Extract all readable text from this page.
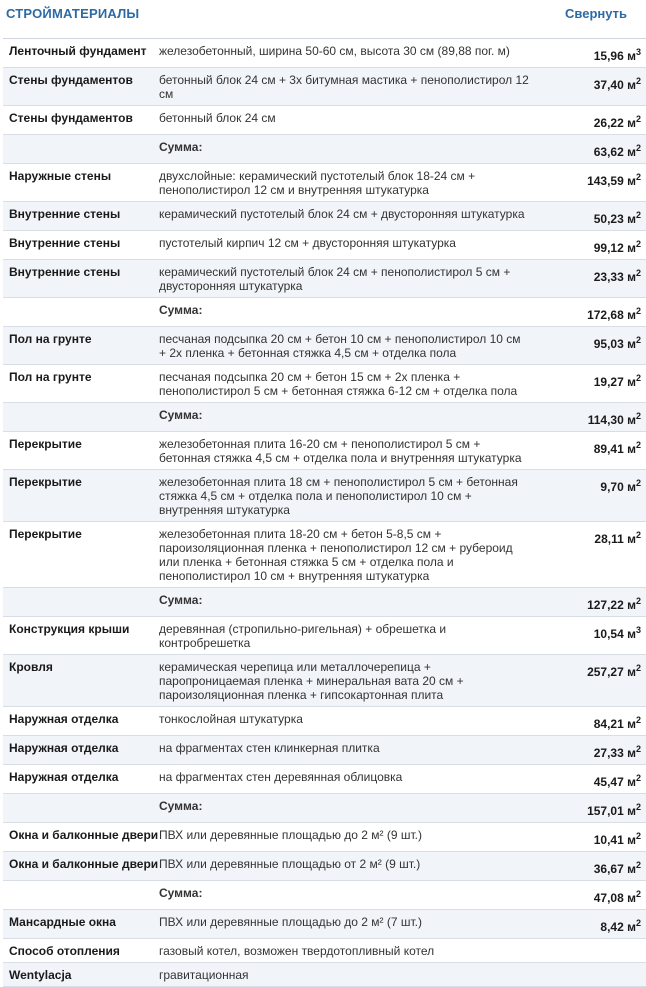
СТРОЙМАТЕРИАЛЫ	Свернуть
Ленточный фундамент	железобетонный, ширина 50-60 см, высота 30 см (89,88 пог. м)	15,96 $м^3$
Стены фундаментов	бетонный блок 24 см + 3x битумная мастика + пенополистирол 12 см	37,40 $м^2$
Стены фундаментов	бетонный блок 24 см	26,22 $м^2$
	Сумма:	63,62 $м^2$
Наружные стены	двухслойные: керамический пустотелый блок 18-24 см + пенополистирол 12 см и внутренняя штукатурка	143,59 $м^2$
Внутренние стены	керамический пустотелый блок 24 см + двусторонняя штукатурка	50,23 $м^2$
Внутренние стены	пустотелый кирпич 12 см + двусторонняя штукатурка	99,12 $м^2$
Внутренние стены	керамический пустотелый блок 24 см + пенополистирол 5 см + двусторонняя штукатурка	23,33 $м^2$
	Сумма:	172,68 $м^2$
Пол на грунте	песчаная подсыпка 20 см + бетон 10 см + пенополистирол 10 см + 2x пленка + бетонная стяжка 4,5 см + отделка пола	95,03 $м^2$
Пол на грунте	песчаная подсыпка 20 см + бетон 15 см + 2x пленка + пенополистирол 5 см + бетонная стяжка 6-12 см + отделка пола	19,27 $м^2$
	Сумма:	114,30 $м^2$
Перекрытие	железобетонная плита 16-20 см + пенополистирол 5 см + бетонная стяжка 4,5 см + отделка пола и внутренняя штукатурка	89,41 $м^2$
Перекрытие	железобетонная плита 18 см + пенополистирол 5 см + бетонная стяжка 4,5 см + отделка пола и пенополистирол 10 см + внутренняя штукатурка	9,70 $м^2$
Перекрытие	железобетонная плита 18-20 см + бетон 5-8,5 см + пароизоляционная пленка + пенополистирол 12 см + рубероид или пленка + бетонная стяжка 5 см + отделка пола и пенополистирол 10 см + внутренняя штукатурка	28,11 $м^2$
	Сумма:	127,22 $м^2$
Конструкция крыши	деревянная (стропильно-ригельная) + обрешетка и контробрешетка	10,54 $м^3$
Кровля	керамическая черепица или металлочерепица + паропроницаемая пленка + минеральная вата 20 см + пароизоляционная пленка + гипсокартонная плита	257,27 $м^2$
Наружная отделка	тонкослойная штукатурка	84,21 $м^2$
Наружная отделка	на фрагментах стен клинкерная плитка	27,33 $м^2$
Наружная отделка	на фрагментах стен деревянная облицовка	45,47 $м^2$
	Сумма:	157,01 $м^2$
Окна и балконные двери	ПВХ или деревянные площадью до 2 м² (9 шт.)	10,41 $м^2$
Окна и балконные двери	ПВХ или деревянные площадью от 2 м² (9 шт.)	36,67 $м^2$
	Сумма:	47,08 $м^2$
Мансардные окна	ПВХ или деревянные площадью до 2 м² (7 шт.)	8,42 $м^2$
Способ отопления	газовый котел, возможен твердотопливный котел	
Wentylacja	гравитационная	
